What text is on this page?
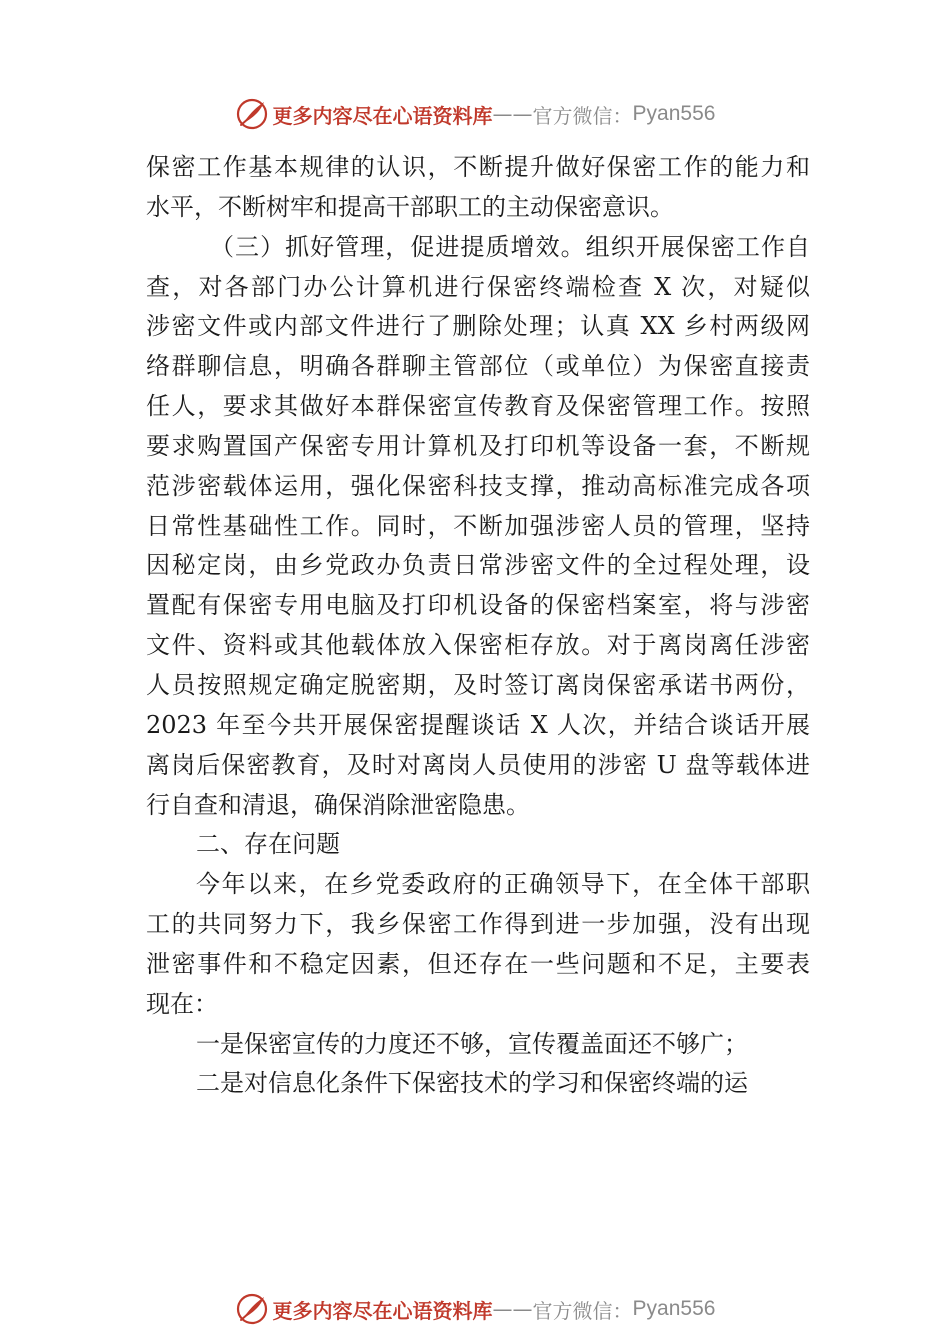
更多内容尽在心语资料库 —— 官方微信： Pyan556
保密工作基本规律的认识，不断提升做好保密工作的能力和
水平，不断树牢和提高干部职工的主动保密意识。
（三）抓好管理，促进提质增效。组织开展保密工作自
查，对各部门办公计算机进行保密终端检查 X 次，对疑似
涉密文件或内部文件进行了删除处理；认真 XX 乡村两级网
络群聊信息，明确各群聊主管部位（或单位）为保密直接责
任人，要求其做好本群保密宣传教育及保密管理工作。按照
要求购置国产保密专用计算机及打印机等设备一套，不断规
范涉密载体运用，强化保密科技支撑，推动高标准完成各项
日常性基础性工作。同时，不断加强涉密人员的管理，坚持
因秘定岗，由乡党政办负责日常涉密文件的全过程处理，设
置配有保密专用电脑及打印机设备的保密档案室，将与涉密
文件、资料或其他载体放入保密柜存放。对于离岗离任涉密
人员按照规定确定脱密期，及时签订离岗保密承诺书两份，
2023 年至今共开展保密提醒谈话 X 人次，并结合谈话开展
离岗后保密教育，及时对离岗人员使用的涉密 U 盘等载体进
行自查和清退，确保消除泄密隐患。
二、存在问题
今年以来，在乡党委政府的正确领导下，在全体干部职
工的共同努力下，我乡保密工作得到进一步加强，没有出现
泄密事件和不稳定因素，但还存在一些问题和不足，主要表
现在：
一是保密宣传的力度还不够，宣传覆盖面还不够广；
二是对信息化条件下保密技术的学习和保密终端的运
更多内容尽在心语资料库 —— 官方微信： Pyan556
